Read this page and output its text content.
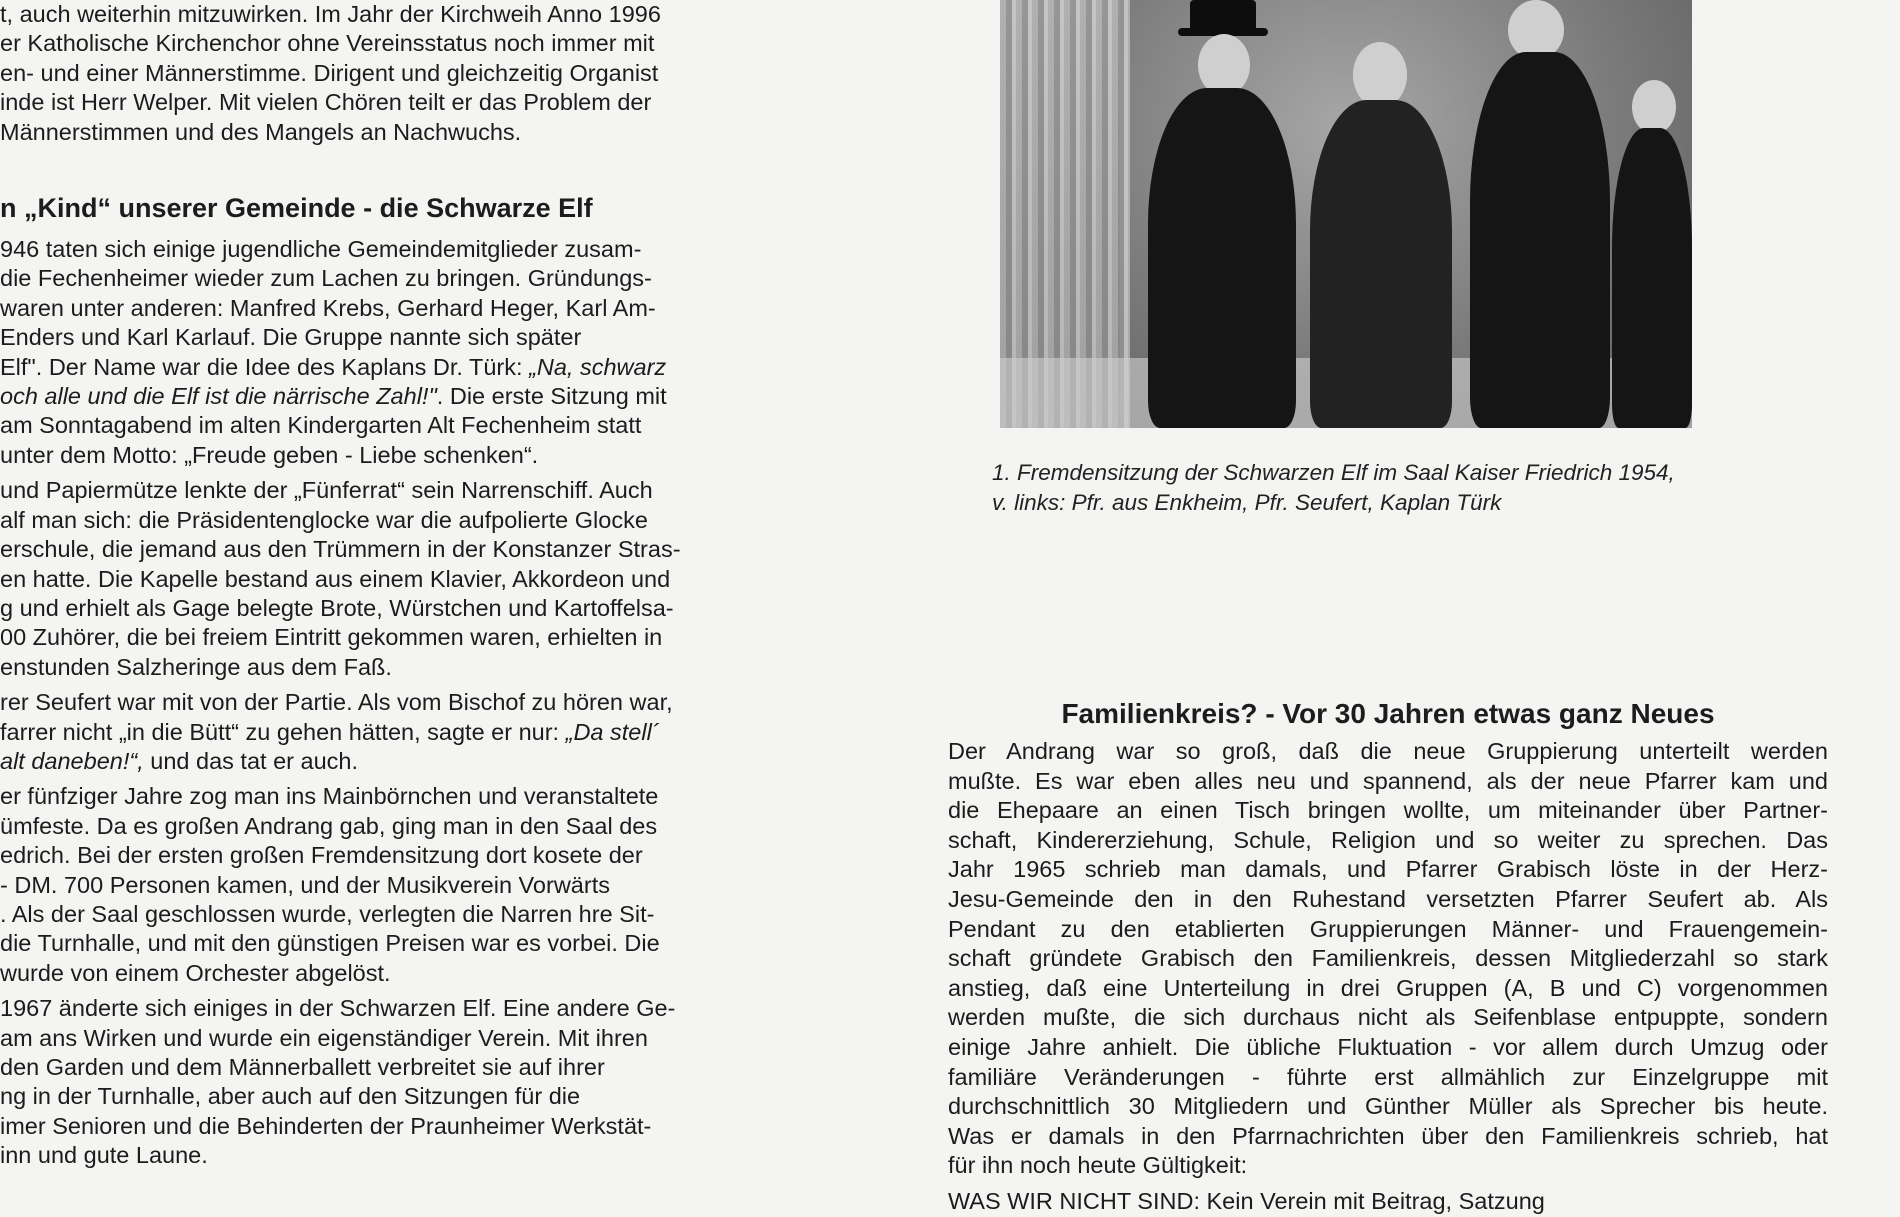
t, auch weiterhin mitzuwirken. Im Jahr der Kirchweih Anno 1996
er Katholische Kirchenchor ohne Vereinsstatus noch immer mit
en- und einer Männerstimme. Dirigent und gleichzeitig Organist
inde ist Herr Welper. Mit vielen Chören teilt er das Problem der
Männerstimmen und des Mangels an Nachwuchs.

n „Kind“ unserer Gemeinde - die Schwarze Elf

946 taten sich einige jugendliche Gemeindemitglieder zusam-
die Fechenheimer wieder zum Lachen zu bringen. Gründungs-
waren unter anderen: Manfred Krebs, Gerhard Heger, Karl Am-
Enders und Karl Karlauf. Die Gruppe nannte sich später
Elf". Der Name war die Idee des Kaplans Dr. Türk: „Na, schwarz
och alle und die Elf ist die närrische Zahl!". Die erste Sitzung mit
am Sonntagabend im alten Kindergarten Alt Fechenheim statt
unter dem Motto: „Freude geben - Liebe schenken“.

und Papiermütze lenkte der „Fünferrat“ sein Narrenschiff. Auch
alf man sich: die Präsidentenglocke war die aufpolierte Glocke
erschule, die jemand aus den Trümmern in der Konstanzer Stras-
en hatte. Die Kapelle bestand aus einem Klavier, Akkordeon und
g und erhielt als Gage belegte Brote, Würstchen und Kartoffelsa-
00 Zuhörer, die bei freiem Eintritt gekommen waren, erhielten in
enstunden Salzheringe aus dem Faß.

rer Seufert war mit von der Partie. Als vom Bischof zu hören war,
farrer nicht „in die Bütt“ zu gehen hätten, sagte er nur: „Da stell´
alt daneben!“, und das tat er auch.

er fünfziger Jahre zog man ins Mainbörnchen und veranstaltete
ümfeste. Da es großen Andrang gab, ging man in den Saal des
edrich. Bei der ersten großen Fremdensitzung dort kosete der
- DM. 700 Personen kamen, und der Musikverein Vorwärts
. Als der Saal geschlossen wurde, verlegten die Narren hre Sit-
die Turnhalle, und mit den günstigen Preisen war es vorbei. Die
wurde von einem Orchester abgelöst.

1967 änderte sich einiges in der Schwarzen Elf. Eine andere Ge-
am ans Wirken und wurde ein eigenständiger Verein. Mit ihren
den Garden und dem Männerballett verbreitet sie auf ihrer
ng in der Turnhalle, aber auch auf den Sitzungen für die
imer Senioren und die Behinderten der Praunheimer Werkstät-
inn und gute Laune.

1. Fremdensitzung der Schwarzen Elf im Saal Kaiser Friedrich 1954,
v. links: Pfr. aus Enkheim, Pfr. Seufert, Kaplan Türk
Familienkreis? - Vor 30 Jahren etwas ganz Neues
Der Andrang war so groß, daß die neue Gruppierung unterteilt werden
mußte. Es war eben alles neu und spannend, als der neue Pfarrer kam und
die Ehepaare an einen Tisch bringen wollte, um miteinander über Partner-
schaft, Kindererziehung, Schule, Religion und so weiter zu sprechen. Das
Jahr 1965 schrieb man damals, und Pfarrer Grabisch löste in der Herz-
Jesu-Gemeinde den in den Ruhestand versetzten Pfarrer Seufert ab. Als
Pendant zu den etablierten Gruppierungen Männer- und Frauengemein-
schaft gründete Grabisch den Familienkreis, dessen Mitgliederzahl so stark
anstieg, daß eine Unterteilung in drei Gruppen (A, B und C) vorgenommen
werden mußte, die sich durchaus nicht als Seifenblase entpuppte, sondern
einige Jahre anhielt. Die übliche Fluktuation - vor allem durch Umzug oder
familiäre Veränderungen - führte erst allmählich zur Einzelgruppe mit
durchschnittlich 30 Mitgliedern und Günther Müller als Sprecher bis heute.
Was er damals in den Pfarrnachrichten über den Familienkreis schrieb, hat
für ihn noch heute Gültigkeit:
WAS WIR NICHT SIND: Kein Verein mit Beitrag, Satzung
